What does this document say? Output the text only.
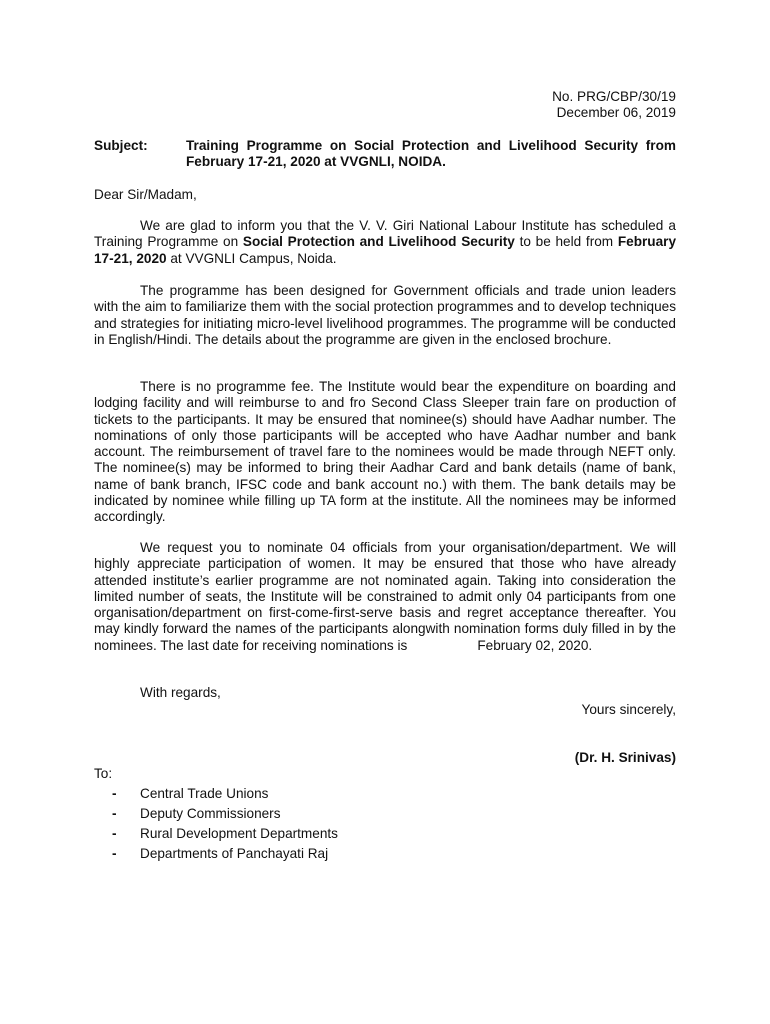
No. PRG/CBP/30/19
December 06, 2019
Subject:	Training Programme on Social Protection and Livelihood Security from February 17-21, 2020 at VVGNLI, NOIDA.
Dear Sir/Madam,

We are glad to inform you that the V. V. Giri National Labour Institute has scheduled a Training Programme on Social Protection and Livelihood Security to be held from February 17-21, 2020 at VVGNLI Campus, Noida.

The programme has been designed for Government officials and trade union leaders with the aim to familiarize them with the social protection programmes and to develop techniques and strategies for initiating micro-level livelihood programmes. The programme will be conducted in English/Hindi. The details about the programme are given in the enclosed brochure.

There is no programme fee. The Institute would bear the expenditure on boarding and lodging facility and will reimburse to and fro Second Class Sleeper train fare on production of tickets to the participants. It may be ensured that nominee(s) should have Aadhar number. The nominations of only those participants will be accepted who have Aadhar number and bank account. The reimbursement of travel fare to the nominees would be made through NEFT only. The nominee(s) may be informed to bring their Aadhar Card and bank details (name of bank, name of bank branch, IFSC code and bank account no.) with them. The bank details may be indicated by nominee while filling up TA form at the institute. All the nominees may be informed accordingly.

We request you to nominate 04 officials from your organisation/department. We will highly appreciate participation of women. It may be ensured that those who have already attended institute’s earlier programme are not nominated again. Taking into consideration the limited number of seats, the Institute will be constrained to admit only 04 participants from one organisation/department on first-come-first-serve basis and regret acceptance thereafter. You may kindly forward the names of the participants alongwith nomination forms duly filled in by the nominees. The last date for receiving nominations is	February 02, 2020.

With regards,
Yours sincerely,
(Dr. H. Srinivas)
To:
- Central Trade Unions
- Deputy Commissioners
- Rural Development Departments
- Departments of Panchayati Raj
